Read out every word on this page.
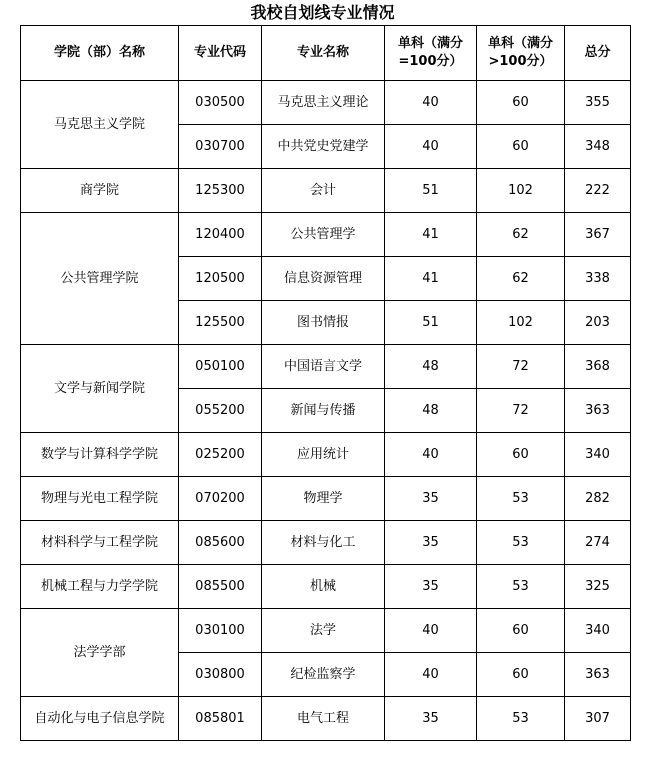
我校自划线专业情况
学院（部）名称	专业代码	专业名称	单科（满分=100分）	单科（满分>100分）	总分
马克思主义学院	030500	马克思主义理论	40	60	355
	030700	中共党史党建学	40	60	348
商学院	125300	会计	51	102	222
公共管理学院	120400	公共管理学	41	62	367
	120500	信息资源管理	41	62	338
	125500	图书情报	51	102	203
文学与新闻学院	050100	中国语言文学	48	72	368
	055200	新闻与传播	48	72	363
数学与计算科学学院	025200	应用统计	40	60	340
物理与光电工程学院	070200	物理学	35	53	282
材料科学与工程学院	085600	材料与化工	35	53	274
机械工程与力学学院	085500	机械	35	53	325
法学学部	030100	法学	40	60	340
	030800	纪检监察学	40	60	363
自动化与电子信息学院	085801	电气工程	35	53	307
